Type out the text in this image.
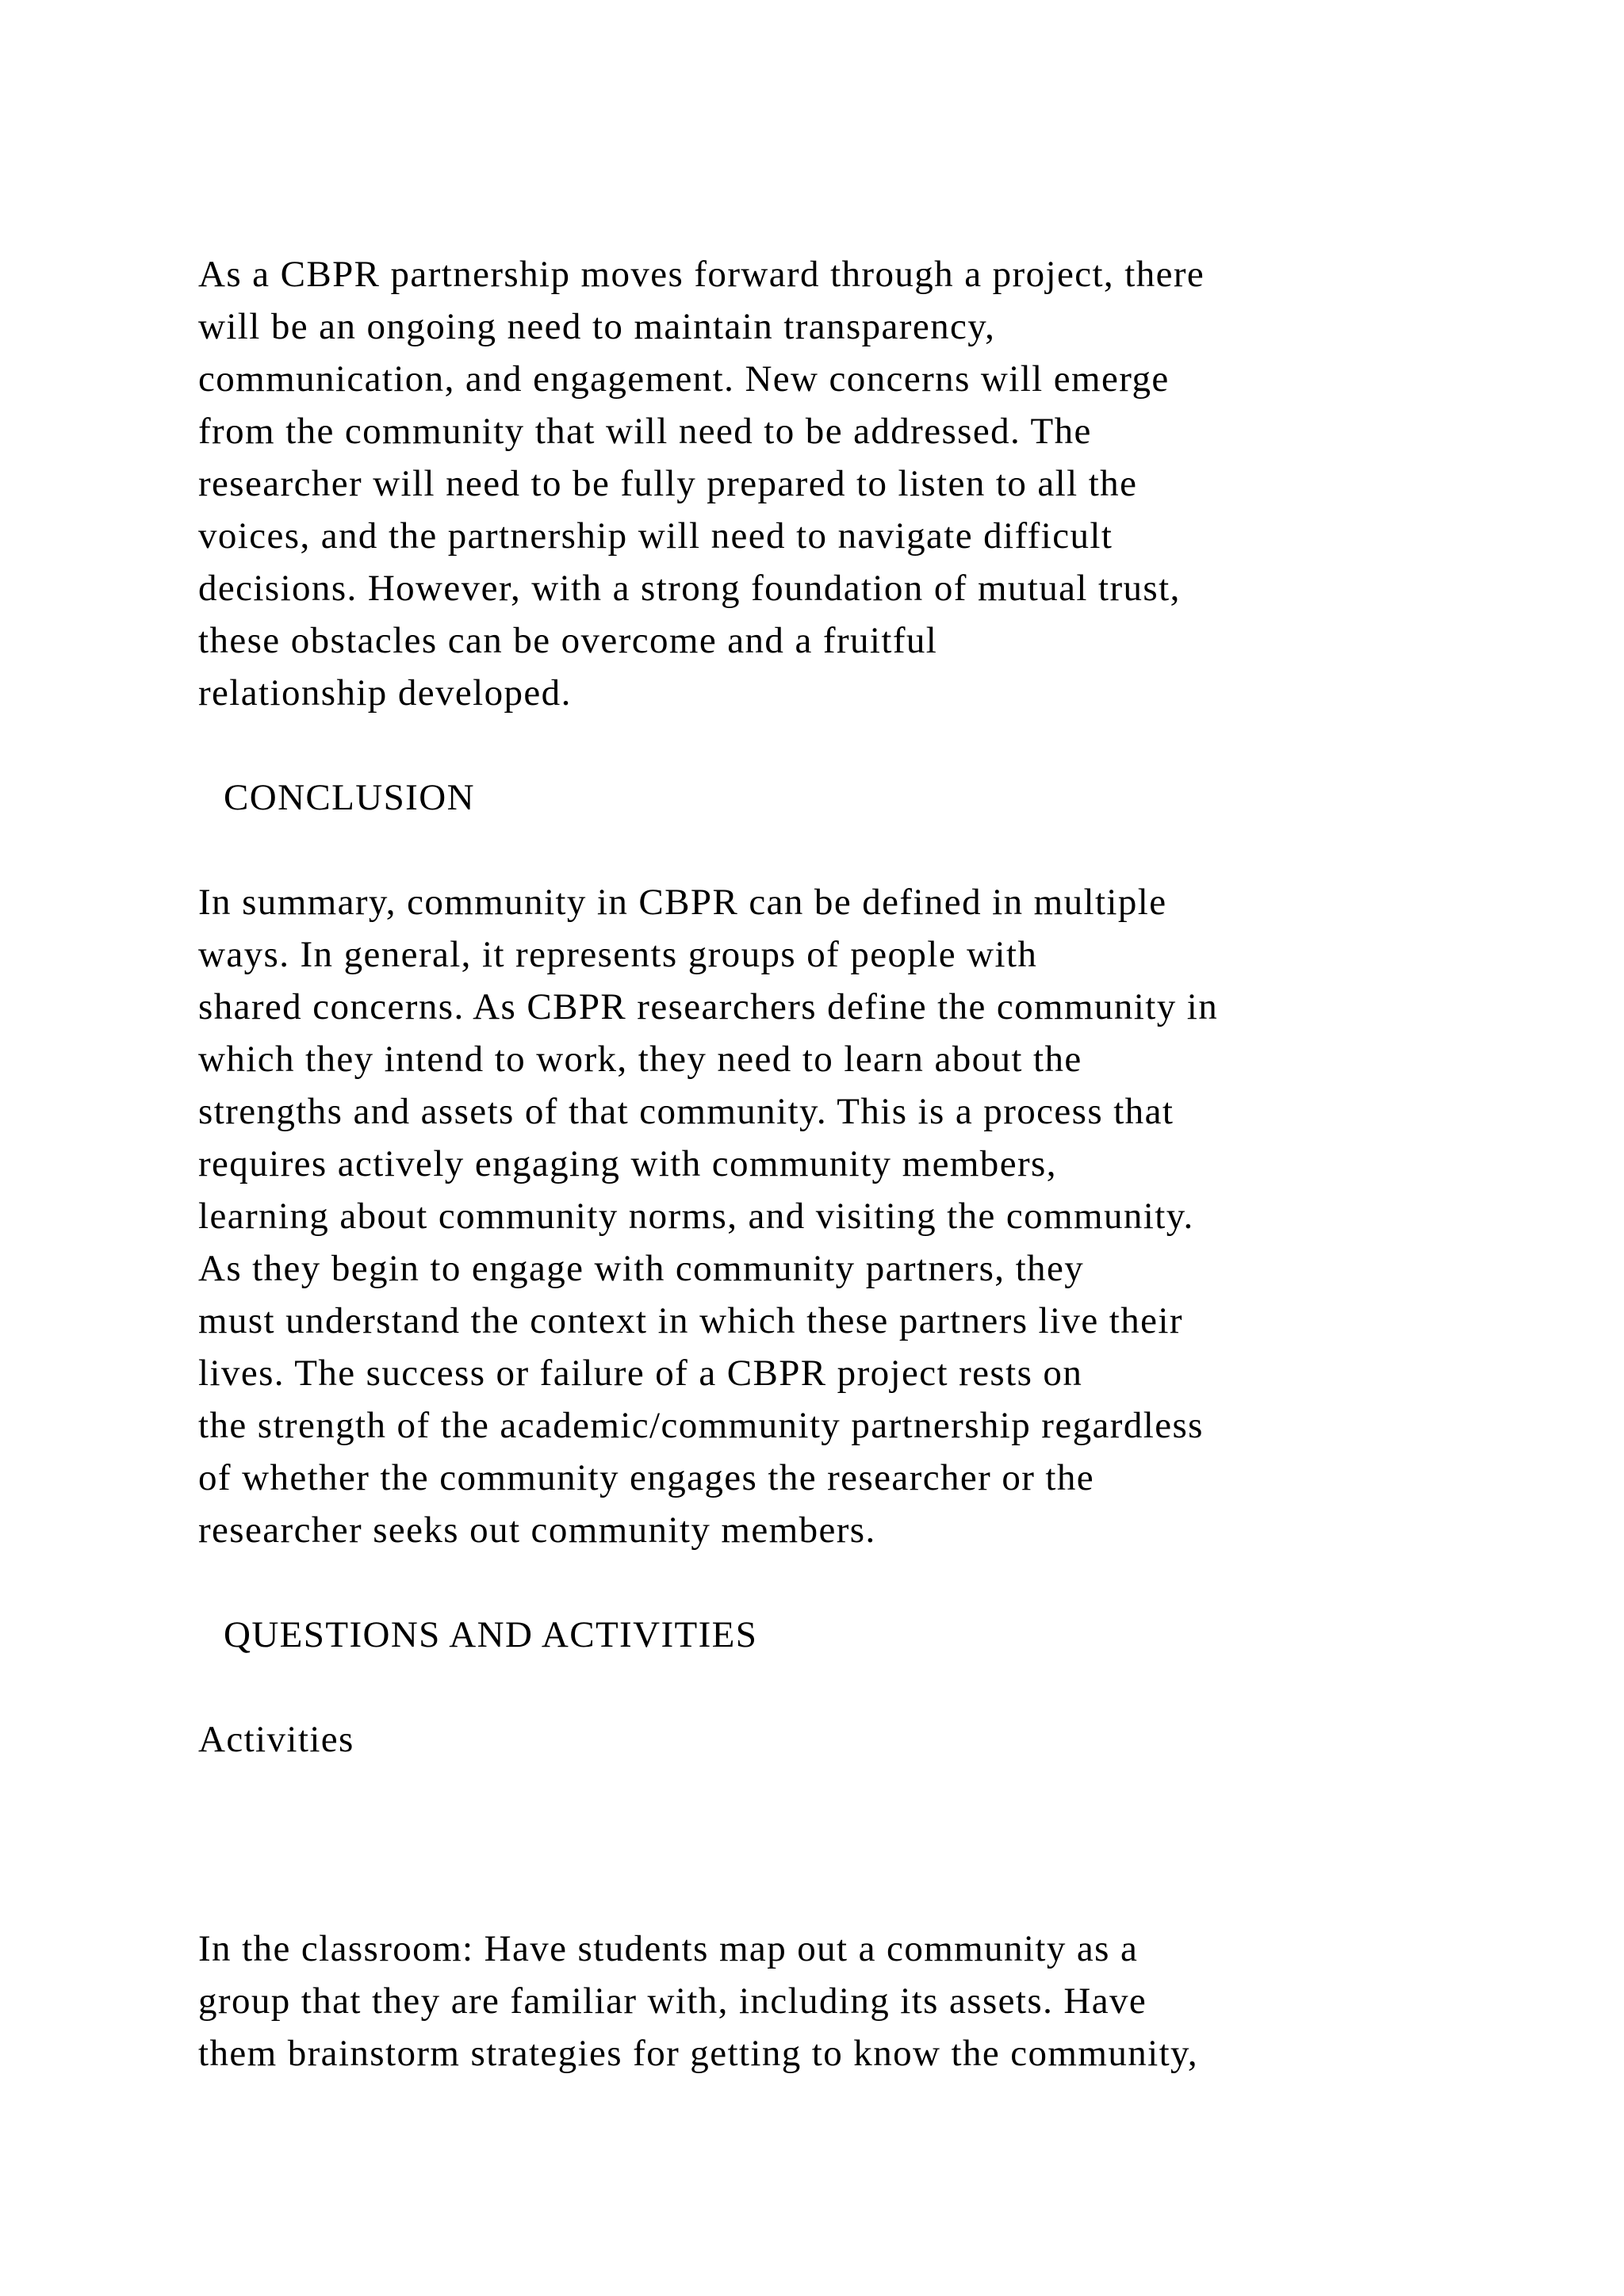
As a CBPR partnership moves forward through a project, there

will be an ongoing need to maintain transparency,

communication, and engagement. New concerns will emerge

from the community that will need to be addressed. The

researcher will need to be fully prepared to listen to all the

voices, and the partnership will need to navigate difficult

decisions. However, with a strong foundation of mutual trust,

these obstacles can be overcome and a fruitful

relationship developed.

CONCLUSION

In summary, community in CBPR can be defined in multiple

ways. In general, it represents groups of people with

shared concerns. As CBPR researchers define the community in

which they intend to work, they need to learn about the

strengths and assets of that community. This is a process that

requires actively engaging with community members,

learning about community norms, and visiting the community.

As they begin to engage with community partners, they

must understand the context in which these partners live their

lives. The success or failure of a CBPR project rests on

the strength of the academic/community partnership regardless

of whether the community engages the researcher or the

researcher seeks out community members.

QUESTIONS AND ACTIVITIES

Activities

In the classroom: Have students map out a community as a

group that they are familiar with, including its assets. Have

them brainstorm strategies for getting to know the community,
